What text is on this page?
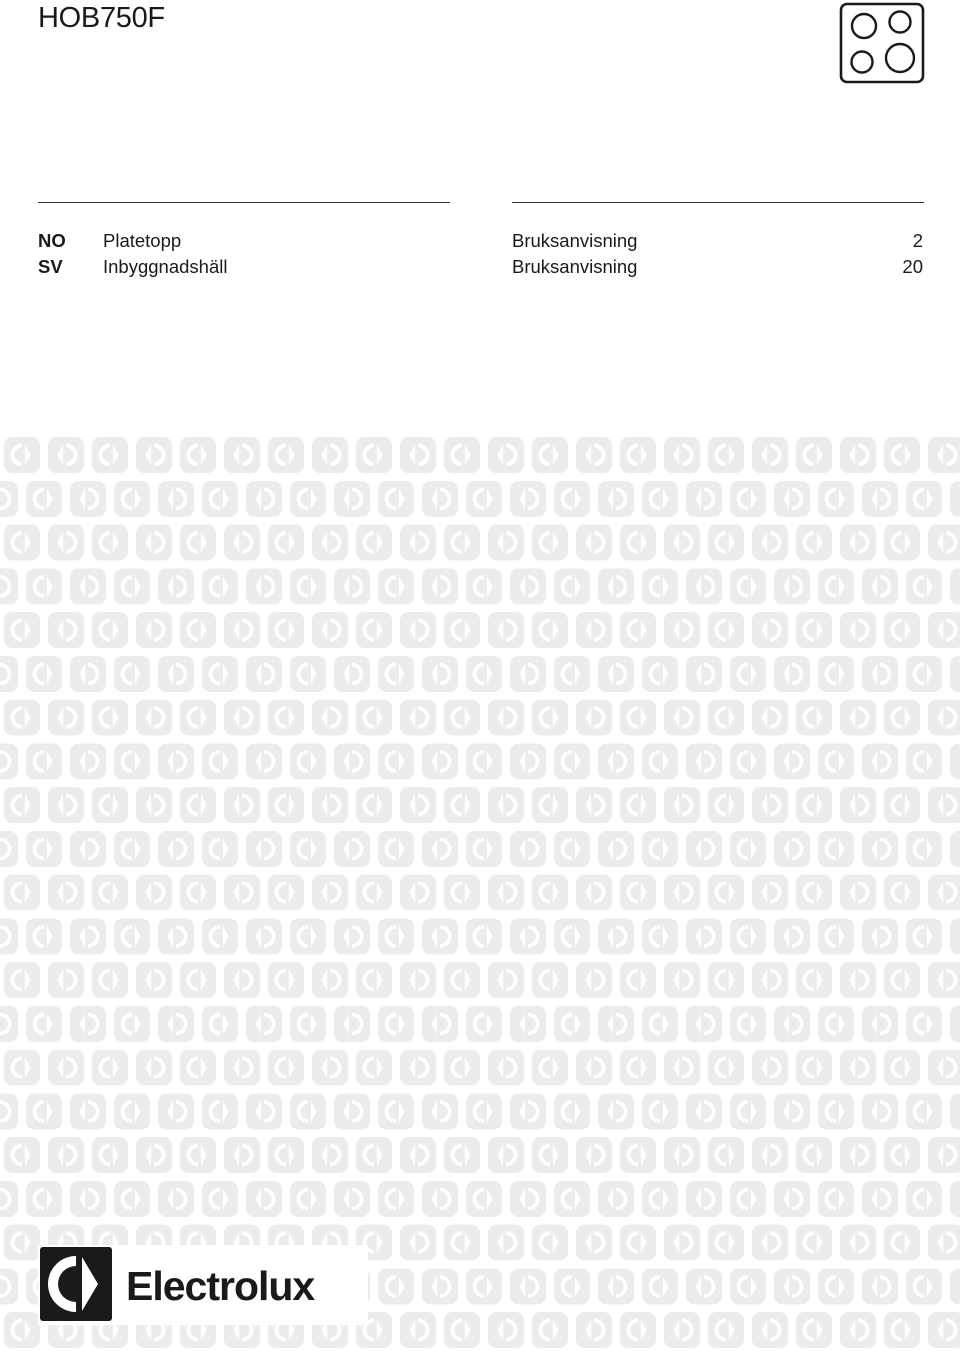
HOB750F
NO Platetopp	Bruksanvisning	2
SV Inbyggnadshäll	Bruksanvisning	20
Electrolux
